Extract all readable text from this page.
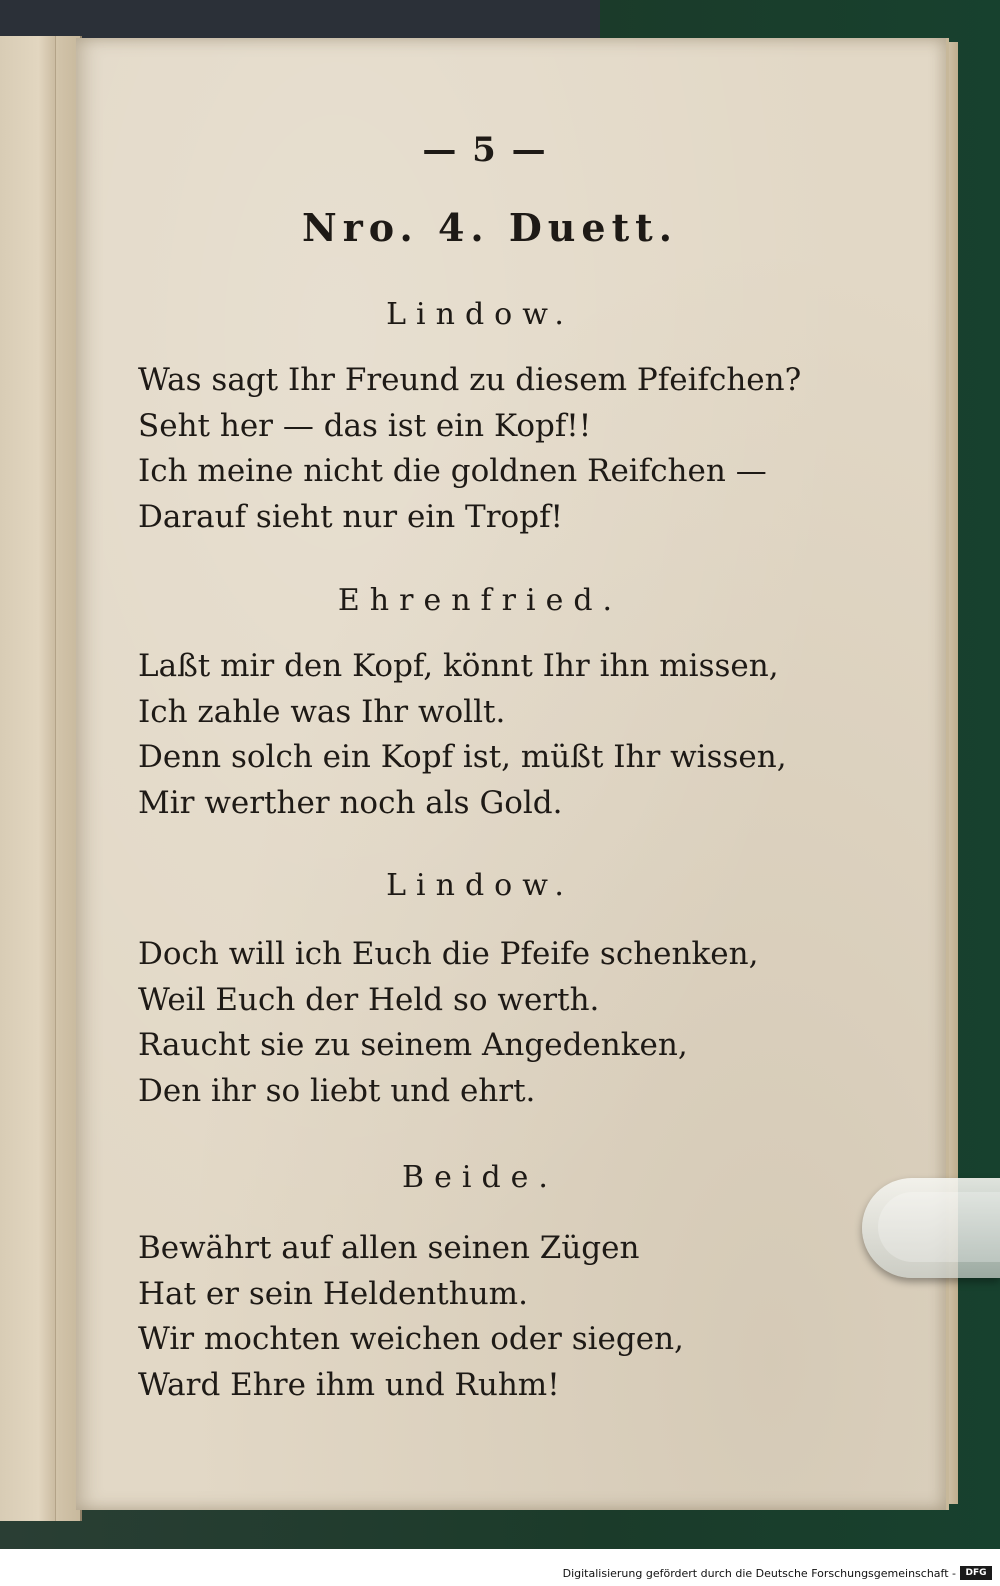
— 5 —
Nro. 4. Duett.
Lindow.
Was sagt Ihr Freund zu diesem Pfeifchen?
Seht her — das ist ein Kopf!!
Ich meine nicht die goldnen Reifchen —
Darauf sieht nur ein Tropf!
Ehrenfried.
Laßt mir den Kopf, könnt Ihr ihn missen,
Ich zahle was Ihr wollt.
Denn solch ein Kopf ist, müßt Ihr wissen,
Mir werther noch als Gold.
Lindow.
Doch will ich Euch die Pfeife schenken,
Weil Euch der Held so werth.
Raucht sie zu seinem Angedenken,
Den ihr so liebt und ehrt.
Beide.
Bewährt auf allen seinen Zügen
Hat er sein Heldenthum.
Wir mochten weichen oder siegen,
Ward Ehre ihm und Ruhm!
Digitalisierung gefördert durch die Deutsche Forschungsgemeinschaft -	DFG
